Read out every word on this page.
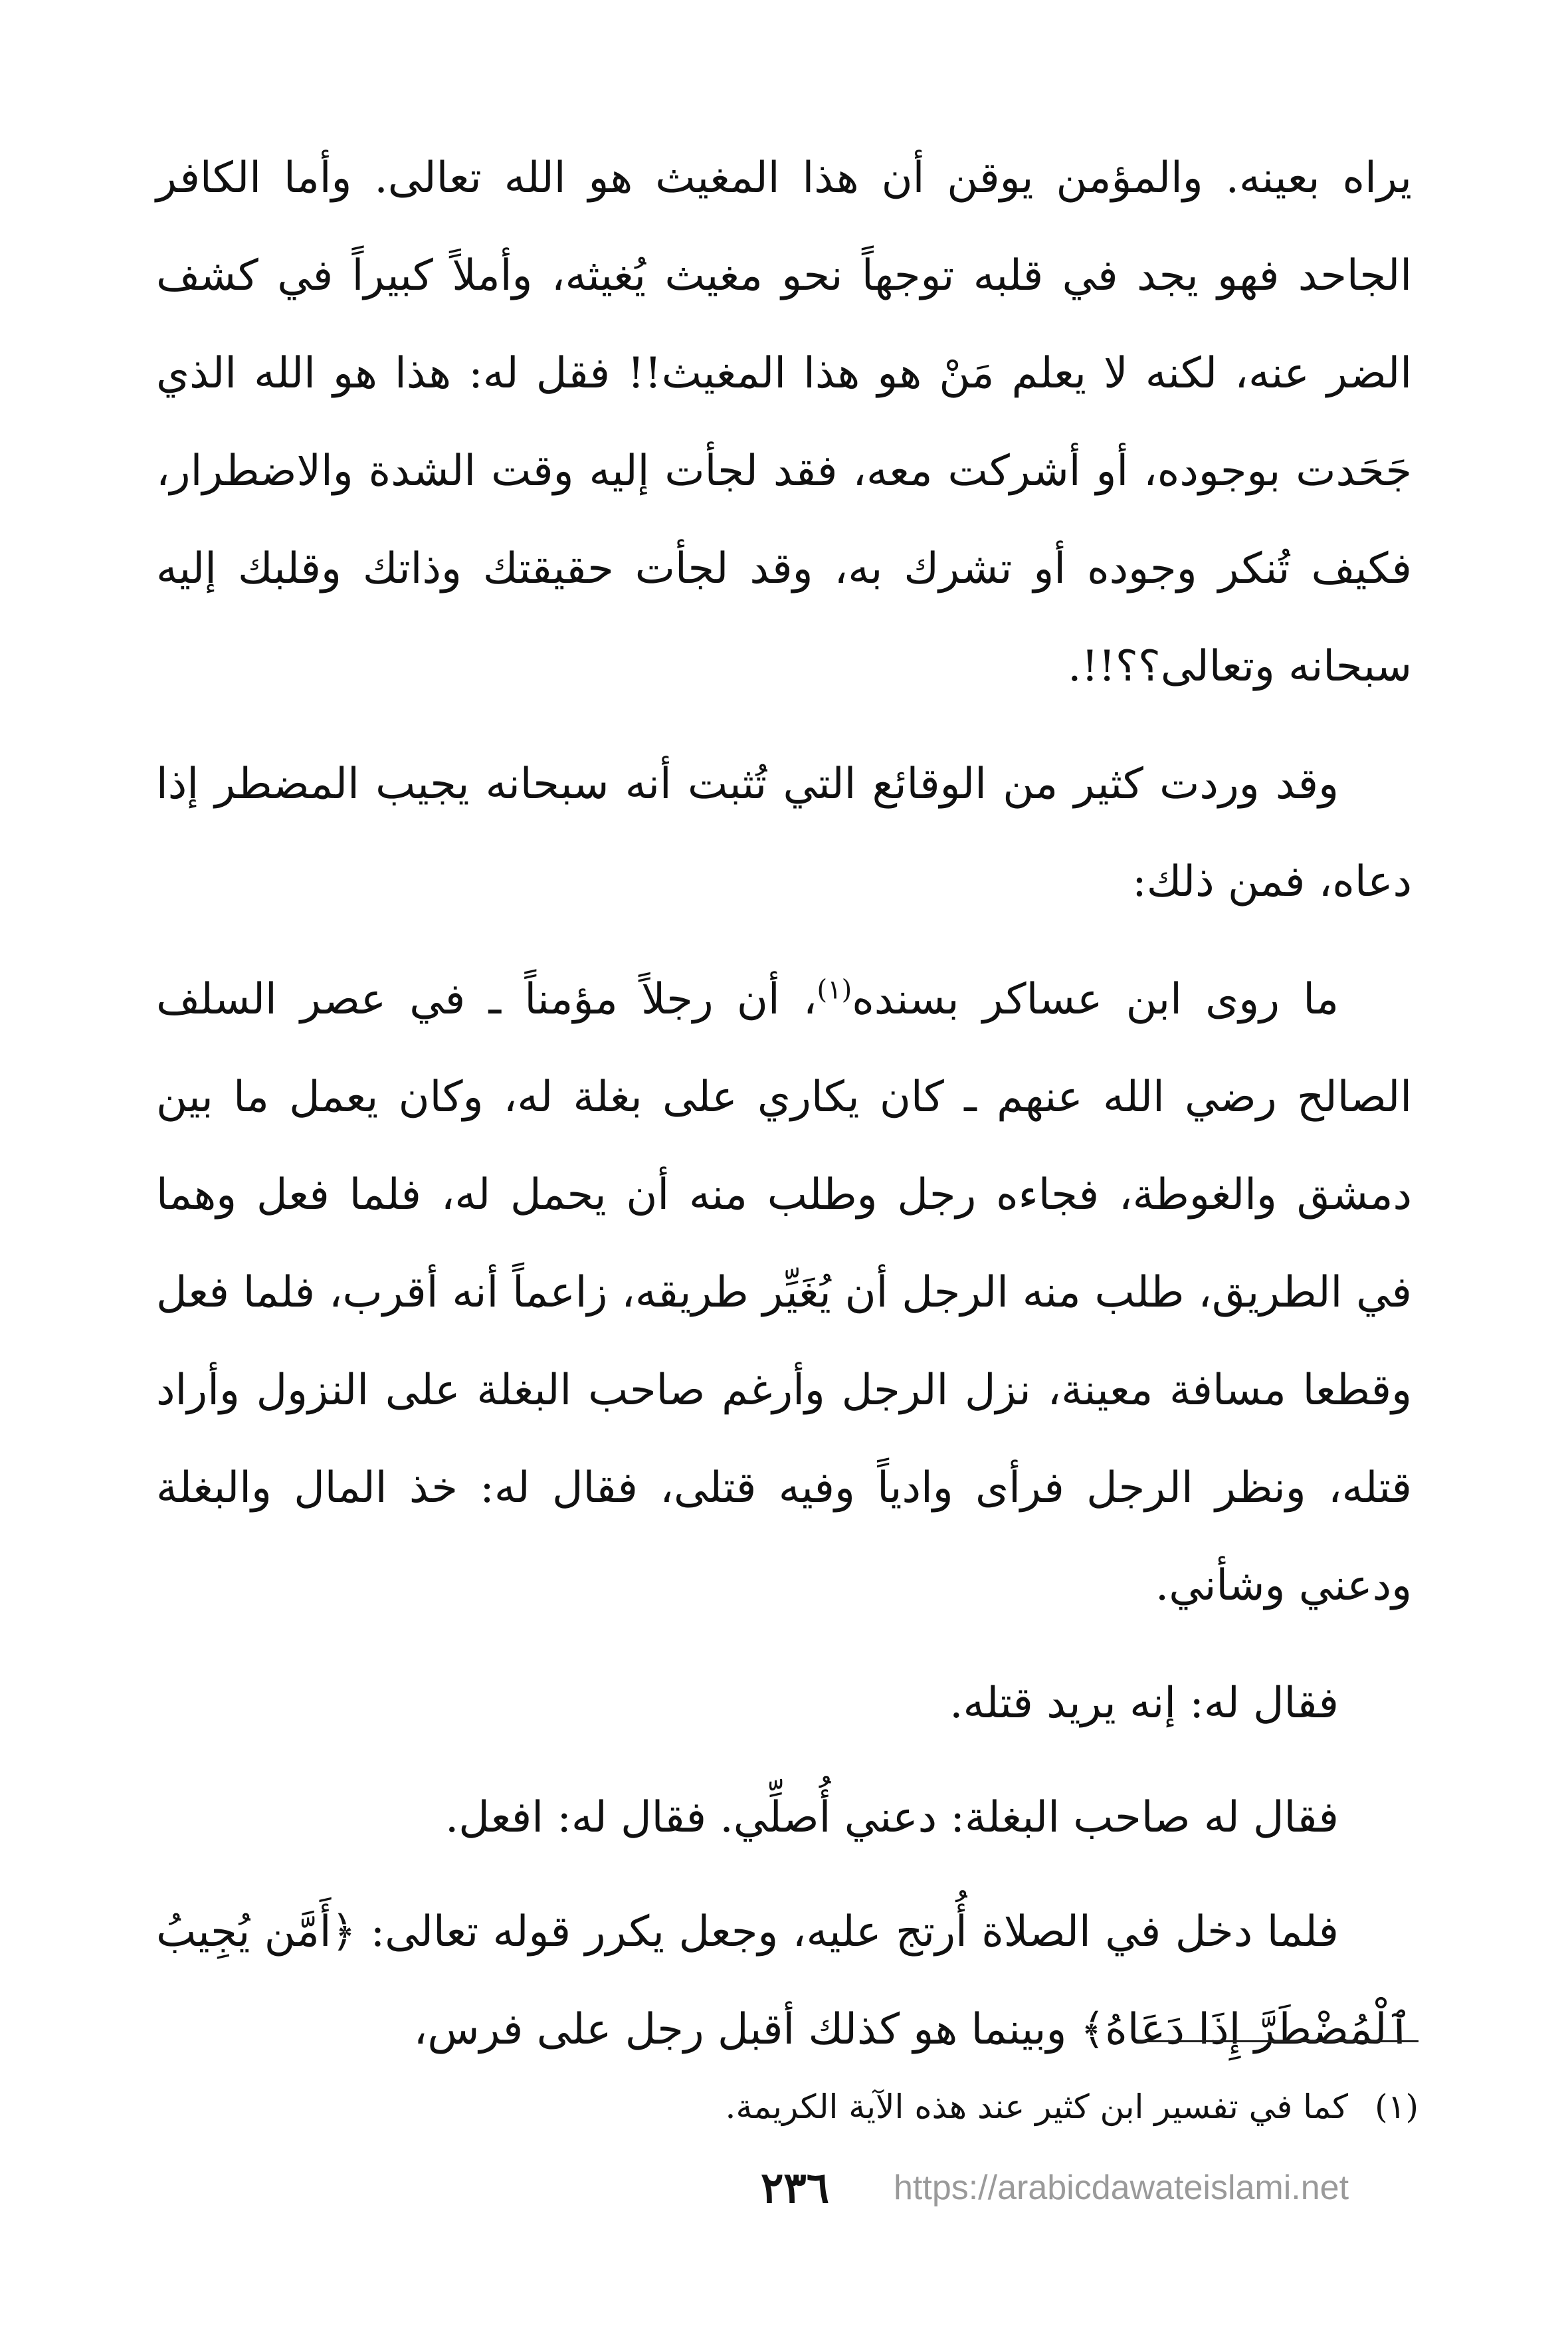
يراه بعينه. والمؤمن يوقن أن هذا المغيث هو الله تعالى. وأما الكافر الجاحد فهو يجد في قلبه توجهاً نحو مغيث يُغيثه، وأملاً كبيراً في كشف الضر عنه، لكنه لا يعلم مَنْ هو هذا المغيث!! فقل له: هذا هو الله الذي جَحَدت بوجوده، أو أشركت معه، فقد لجأت إليه وقت الشدة والاضطرار، فكيف تُنكر وجوده أو تشرك به، وقد لجأت حقيقتك وذاتك وقلبك إليه سبحانه وتعالى؟؟!!.

وقد وردت كثير من الوقائع التي تُثبت أنه سبحانه يجيب المضطر إذا دعاه، فمن ذلك:

ما روى ابن عساكر بسنده$^{(١)}$، أن رجلاً مؤمناً ـ في عصر السلف الصالح رضي الله عنهم ـ كان يكاري على بغلة له، وكان يعمل ما بين دمشق والغوطة، فجاءه رجل وطلب منه أن يحمل له، فلما فعل وهما في الطريق، طلب منه الرجل أن يُغَيِّر طريقه، زاعماً أنه أقرب، فلما فعل وقطعا مسافة معينة، نزل الرجل وأرغم صاحب البغلة على النزول وأراد قتله، ونظر الرجل فرأى وادياً وفيه قتلى، فقال له: خذ المال والبغلة ودعني وشأني.

فقال له: إنه يريد قتله.

فقال له صاحب البغلة: دعني أُصلِّي. فقال له: افعل.

فلما دخل في الصلاة أُرتج عليه، وجعل يكرر قوله تعالى: ﴿أَمَّن يُجِيبُ ٱلْمُضْطَرَّ إِذَا دَعَاهُ﴾ وبينما هو كذلك أقبل رجل على فرس،

(١)كما في تفسير ابن كثير عند هذه الآية الكريمة.
٢٣٦ https://arabicdawateislami.net
